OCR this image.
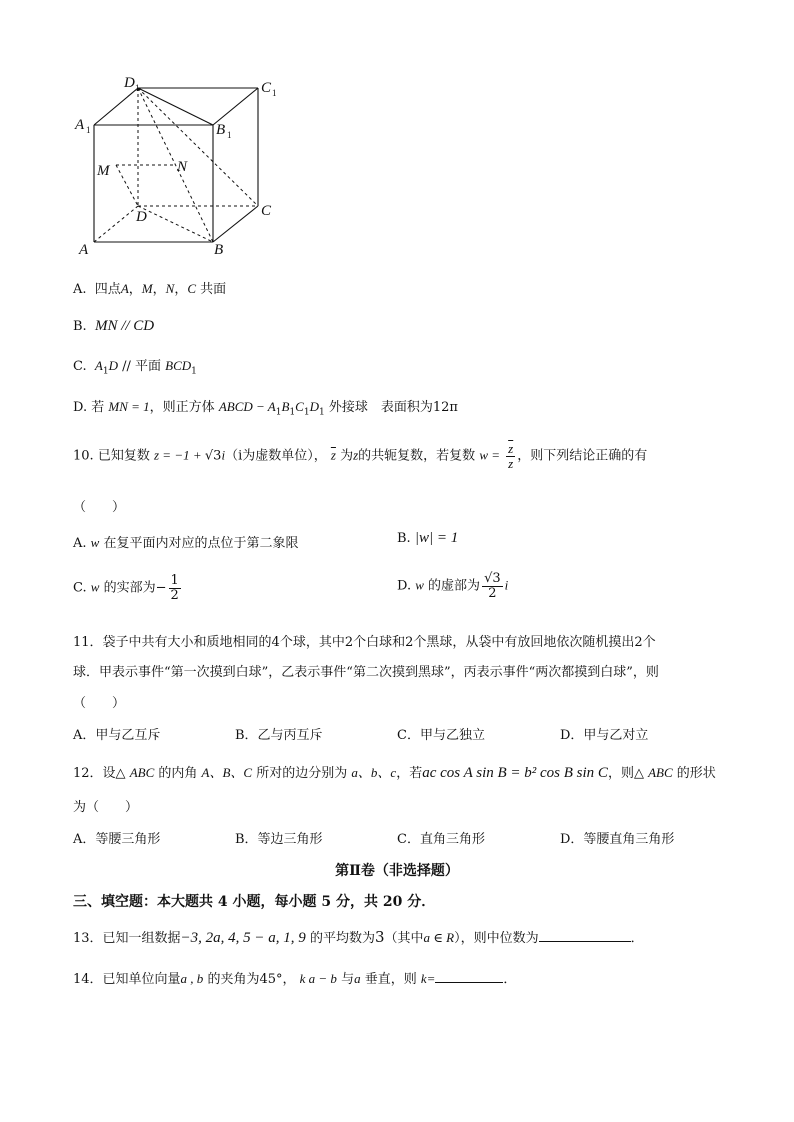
D 1	C 1
A 1	B 1
M	N
D	C
A	B
A. 四点A，M，N，C 共面
B. MN // CD
C. $A_1D$ // 平面 $BCD_1$
D. 若 MN = 1，则正方体 ABCD − $A_1B_1C_1D_1$ 外接球　表面积为12π
10. 已知复数 z = −1 + √3i（i为虚数单位）， $\overline{z}$ 为z的共轭复数，若复数 $w = \frac{\overline{z}}{z}$ ，则下列结论正确的有
（　　）
A. w 在复平面内对应的点位于第二象限	B. |w| = 1
C. w 的实部为− $\frac{1}{2}$	D. w 的虚部为 $\frac{√3}{2}$ i
11．袋子中共有大小和质地相同的4个球，其中2个白球和2个黑球，从袋中有放回地依次随机摸出2个
球．甲表示事件“第一次摸到白球”，乙表示事件“第二次摸到黑球”，丙表示事件“两次都摸到白球”，则
（　　）
A．甲与乙互斥	B．乙与丙互斥	C．甲与乙独立	D．甲与乙对立
12．设△ ABC 的内角 A、B、C 所对的边分别为 a、b、c，若ac cos A sin B = b² cos B sin C，则△ ABC 的形状
为（　　）
A．等腰三角形	B．等边三角形	C．直角三角形	D．等腰直角三角形
第Ⅱ卷（非选择题）
三、填空题：本大题共 4 小题，每小题 5 分，共 20 分．
13．已知一组数据−3, 2a, 4, 5 − a, 1, 9 的平均数为3（其中a ∈ R），则中位数为	．
14．已知单位向量a , b 的夹角为45°， k a − b 与a 垂直，则 k=	．
